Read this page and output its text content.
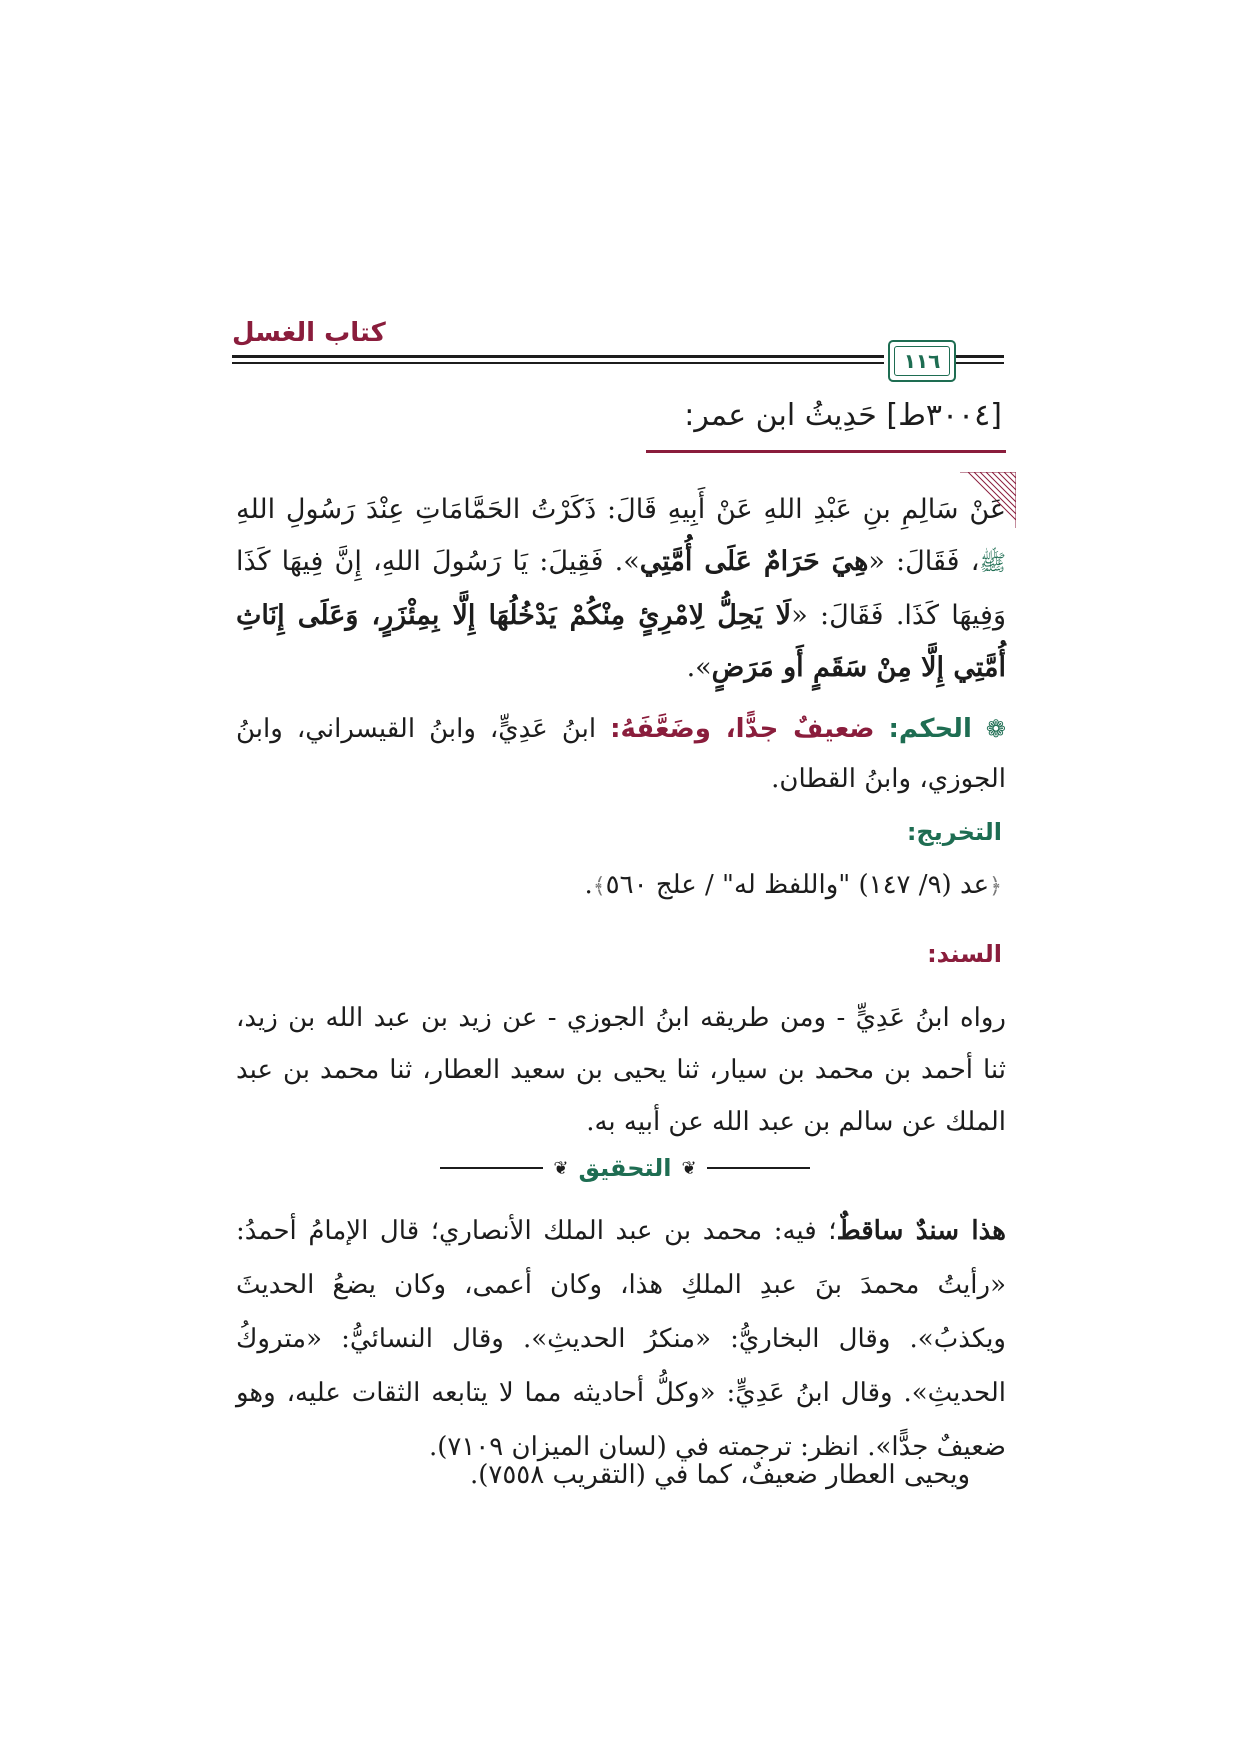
كتاب الغسل
١١٦
[٣٠٠٤ط] حَدِيثُ ابن عمر:
عَنْ سَالِمِ بنِ عَبْدِ اللهِ عَنْ أَبِيهِ قَالَ: ذَكَرْتُ الحَمَّامَاتِ عِنْدَ رَسُولِ اللهِ ﷺ، فَقَالَ: «هِيَ حَرَامٌ عَلَى أُمَّتِي». فَقِيلَ: يَا رَسُولَ اللهِ، إِنَّ فِيهَا كَذَا وَفِيهَا كَذَا. فَقَالَ: «لَا يَحِلُّ لِامْرِئٍ مِنْكُمْ يَدْخُلُهَا إِلَّا بِمِئْزَرٍ، وَعَلَى إِنَاثِ أُمَّتِي إِلَّا مِنْ سَقَمٍ أَو مَرَضٍ».
❁ الحكم: ضعيفٌ جدًّا، وضَعَّفَهُ: ابنُ عَدِيٍّ، وابنُ القيسراني، وابنُ الجوزي، وابنُ القطان.
التخريج:
﴿عد (٩/ ١٤٧) "واللفظ له" / علج ٥٦٠﴾.
السند:
رواه ابنُ عَدِيٍّ - ومن طريقه ابنُ الجوزي - عن زيد بن عبد الله بن زيد، ثنا أحمد بن محمد بن سيار، ثنا يحيى بن سعيد العطار، ثنا محمد بن عبد الملك عن سالم بن عبد الله عن أبيه به.
❦ التحقيق ❦
هذا سندٌ ساقطٌ؛ فيه: محمد بن عبد الملك الأنصاري؛ قال الإمامُ أحمدُ: «رأيتُ محمدَ بنَ عبدِ الملكِ هذا، وكان أعمى، وكان يضعُ الحديثَ ويكذبُ». وقال البخاريُّ: «منكرُ الحديثِ». وقال النسائيُّ: «متروكُ الحديثِ». وقال ابنُ عَدِيٍّ: «وكلُّ أحاديثه مما لا يتابعه الثقات عليه، وهو ضعيفٌ جدًّا». انظر: ترجمته في (لسان الميزان ٧١٠٩).
ويحيى العطار ضعيفٌ، كما في (التقريب ٧٥٥٨).
